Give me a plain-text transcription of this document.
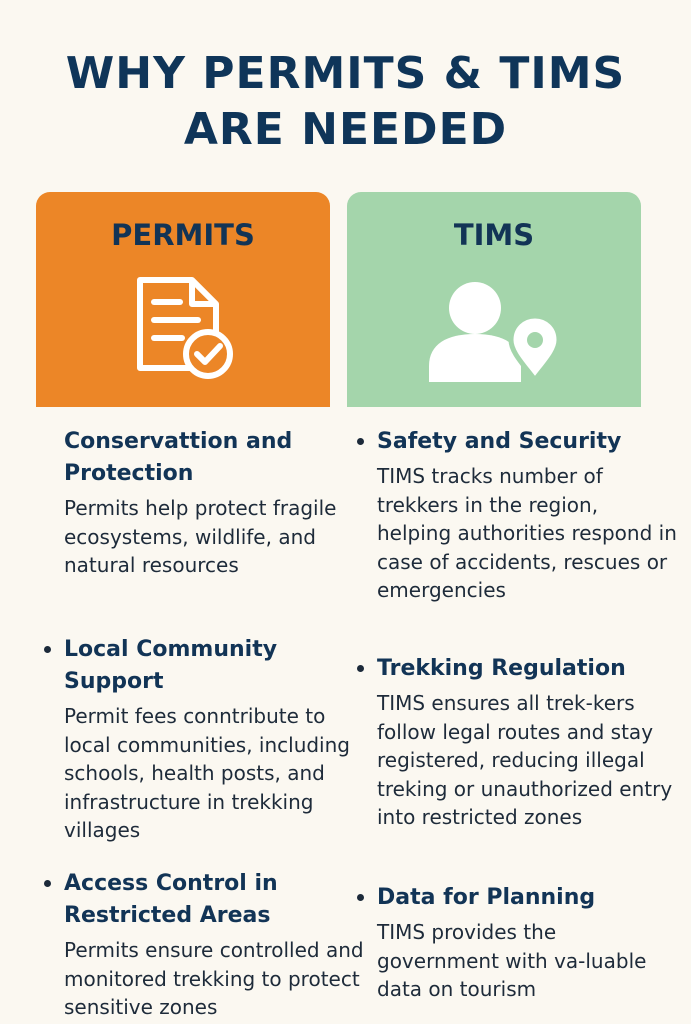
WHY PERMITS & TIMS
ARE NEEDED
PERMITS	TIMS
Conservattion and Protection

Permits help protect fragile ecosystems, wildlife, and natural resources

Local Community Support

Permit fees conntribute to local communities, including schools, health posts, and infrastructure in trekking villages

Access Control in Restricted Areas

Permits ensure controlled and monitored trekking to protect sensitive zones

Safety and Security

TIMS tracks number of trekkers in the region, helping authorities respond in case of accidents, rescues or emergencies

Trekking Regulation

TIMS ensures all trek-kers follow legal routes and stay registered, reducing illegal treking or unauthorized entry into restricted zones

Data for Planning

TIMS provides the government with va-luable data on tourism
